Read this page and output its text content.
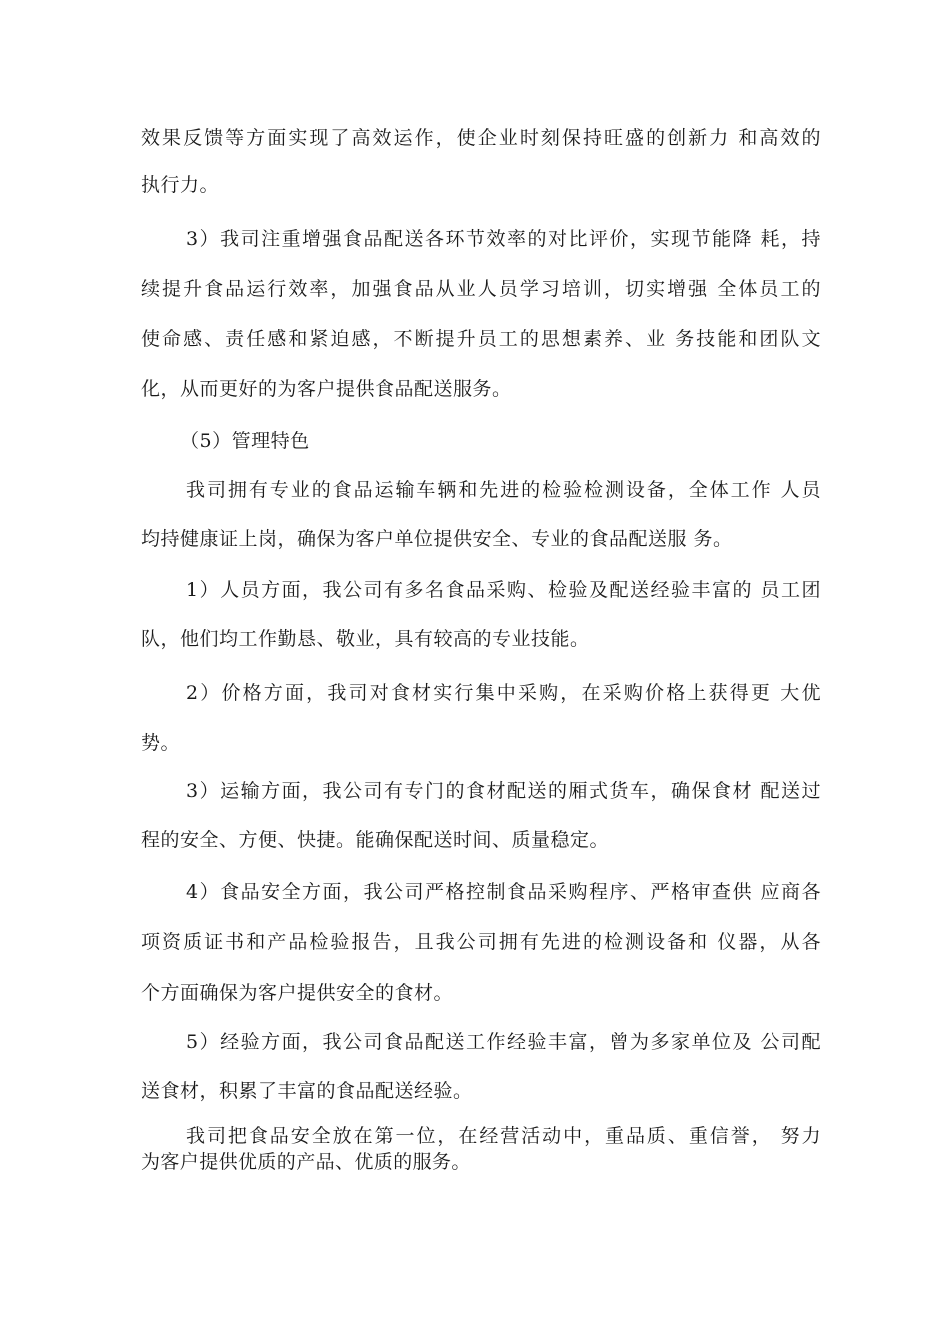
效果反馈等方面实现了高效运作，使企业时刻保持旺盛的创新力 和高效的
执行力。
3）我司注重增强食品配送各环节效率的对比评价，实现节能降 耗，持
续提升食品运行效率，加强食品从业人员学习培训，切实增强 全体员工的
使命感、责任感和紧迫感，不断提升员工的思想素养、业 务技能和团队文
化，从而更好的为客户提供食品配送服务。
（5）管理特色
我司拥有专业的食品运输车辆和先进的检验检测设备，全体工作 人员
均持健康证上岗，确保为客户单位提供安全、专业的食品配送服 务。
1）人员方面，我公司有多名食品采购、检验及配送经验丰富的 员工团
队，他们均工作勤恳、敬业，具有较高的专业技能。
2）价格方面，我司对食材实行集中采购，在采购价格上获得更 大优
势。
3）运输方面，我公司有专门的食材配送的厢式货车，确保食材 配送过
程的安全、方便、快捷。能确保配送时间、质量稳定。
4）食品安全方面，我公司严格控制食品采购程序、严格审查供 应商各
项资质证书和产品检验报告，且我公司拥有先进的检测设备和 仪器，从各
个方面确保为客户提供安全的食材。
5）经验方面，我公司食品配送工作经验丰富，曾为多家单位及 公司配
送食材，积累了丰富的食品配送经验。
我司把食品安全放在第一位，在经营活动中，重品质、重信誉， 努力
为客户提供优质的产品、优质的服务。
